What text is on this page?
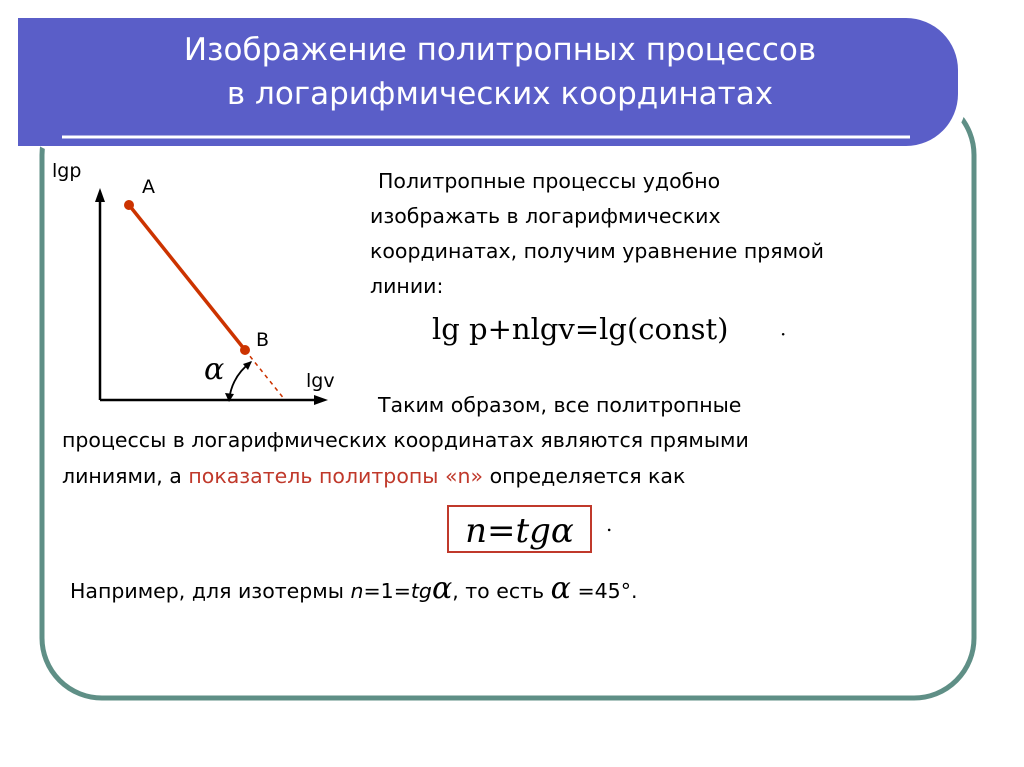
Изображение политропных процессов
в логарифмических координатах
lgp
A
B
lgv
α
Политропные процессы удобно
изображать в логарифмических
координатах, получим уравнение прямой
линии:
lg p+nlgv=lg(const)	·
Таким образом, все политропные
процессы в логарифмических координатах являются прямыми
линиями, а показатель политропы «n» определяется как
n=tgα	.
Например, для изотермы n=1=tgα, то есть α =45°.
